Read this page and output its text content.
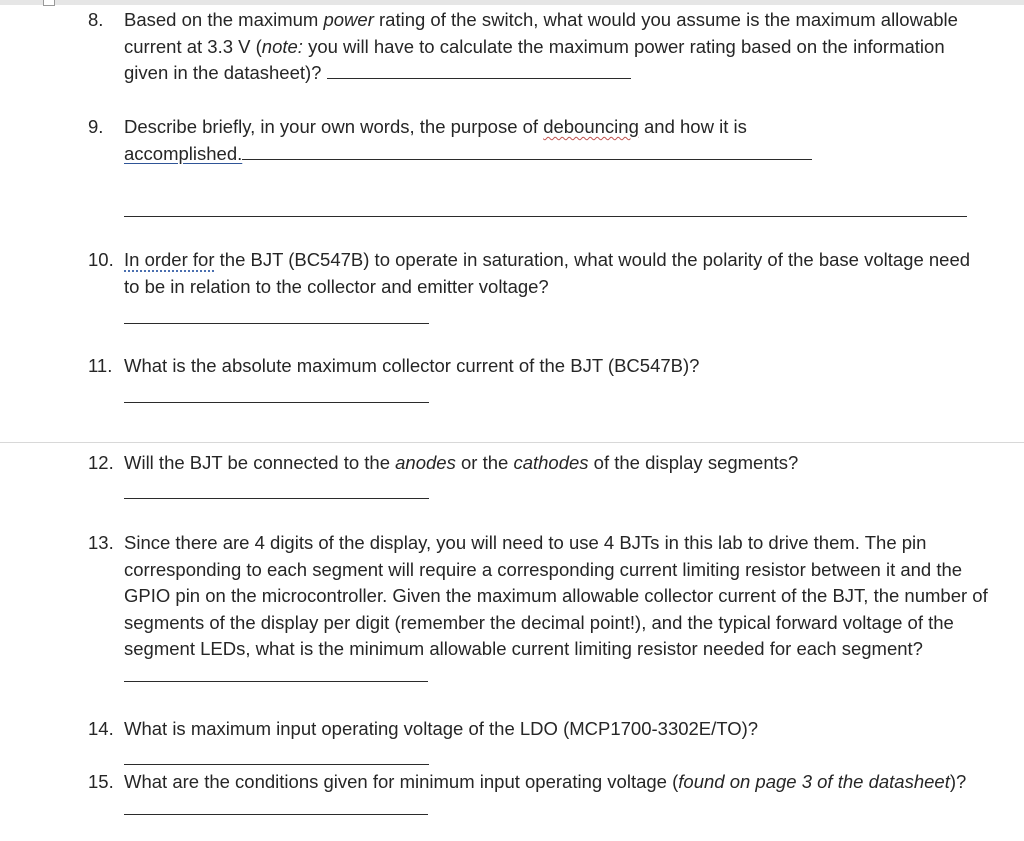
8.	Based on the maximum power rating of the switch, what would you assume is the maximum allowable current at 3.3 V (note: you will have to calculate the maximum power rating based on the information given in the datasheet)?
9.	Describe briefly, in your own words, the purpose of debouncing and how it is
accomplished.
10. In order for the BJT (BC547B) to operate in saturation, what would the polarity of the base voltage need to be in relation to the collector and emitter voltage?
11. What is the absolute maximum collector current of the BJT (BC547B)?
12. Will the BJT be connected to the anodes or the cathodes of the display segments?
13. Since there are 4 digits of the display, you will need to use 4 BJTs in this lab to drive them. The pin corresponding to each segment will require a corresponding current limiting resistor between it and the GPIO pin on the microcontroller. Given the maximum allowable collector current of the BJT, the number of segments of the display per digit (remember the decimal point!), and the typical forward voltage of the segment LEDs, what is the minimum allowable current limiting resistor needed for each segment?
14. What is maximum input operating voltage of the LDO (MCP1700-3302E/TO)?
15. What are the conditions given for minimum input operating voltage (found on page 3 of the datasheet)?
